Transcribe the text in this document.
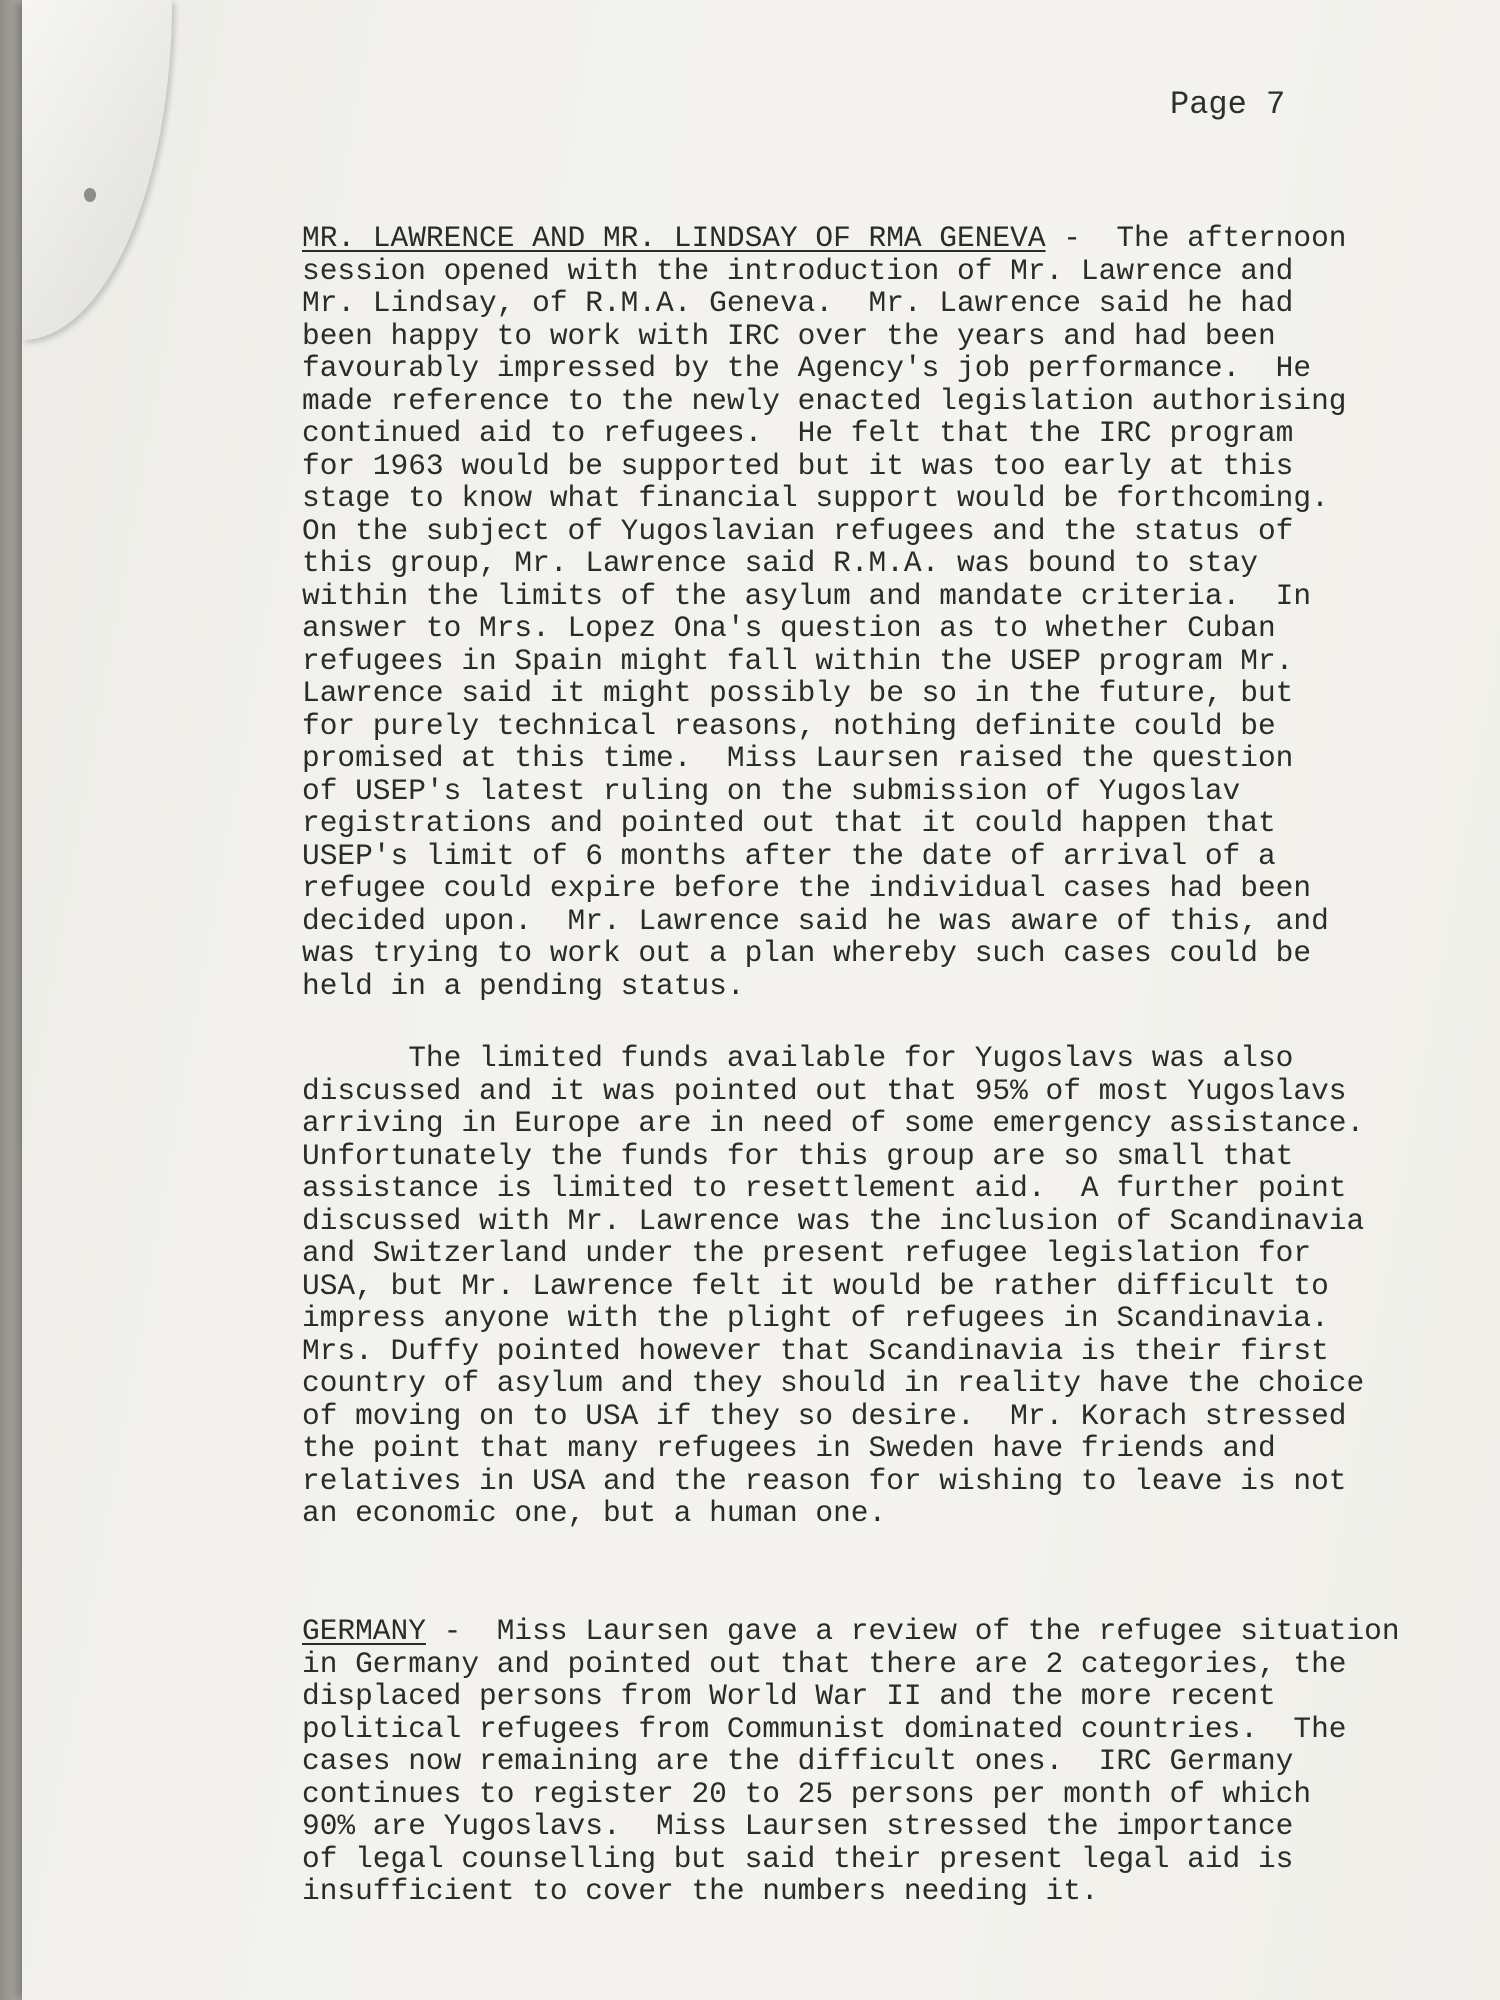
Page 7
MR. LAWRENCE AND MR. LINDSAY OF RMA GENEVA -  The afternoon
session opened with the introduction of Mr. Lawrence and
Mr. Lindsay, of R.M.A. Geneva.  Mr. Lawrence said he had
been happy to work with IRC over the years and had been
favourably impressed by the Agency's job performance.  He
made reference to the newly enacted legislation authorising
continued aid to refugees.  He felt that the IRC program
for 1963 would be supported but it was too early at this
stage to know what financial support would be forthcoming.
On the subject of Yugoslavian refugees and the status of
this group, Mr. Lawrence said R.M.A. was bound to stay
within the limits of the asylum and mandate criteria.  In
answer to Mrs. Lopez Ona's question as to whether Cuban
refugees in Spain might fall within the USEP program Mr.
Lawrence said it might possibly be so in the future, but
for purely technical reasons, nothing definite could be
promised at this time.  Miss Laursen raised the question
of USEP's latest ruling on the submission of Yugoslav
registrations and pointed out that it could happen that
USEP's limit of 6 months after the date of arrival of a
refugee could expire before the individual cases had been
decided upon.  Mr. Lawrence said he was aware of this, and
was trying to work out a plan whereby such cases could be
held in a pending status.
The limited funds available for Yugoslavs was also
discussed and it was pointed out that 95% of most Yugoslavs
arriving in Europe are in need of some emergency assistance.
Unfortunately the funds for this group are so small that
assistance is limited to resettlement aid.  A further point
discussed with Mr. Lawrence was the inclusion of Scandinavia
and Switzerland under the present refugee legislation for
USA, but Mr. Lawrence felt it would be rather difficult to
impress anyone with the plight of refugees in Scandinavia.
Mrs. Duffy pointed however that Scandinavia is their first
country of asylum and they should in reality have the choice
of moving on to USA if they so desire.  Mr. Korach stressed
the point that many refugees in Sweden have friends and
relatives in USA and the reason for wishing to leave is not
an economic one, but a human one.
GERMANY -  Miss Laursen gave a review of the refugee situation
in Germany and pointed out that there are 2 categories, the
displaced persons from World War II and the more recent
political refugees from Communist dominated countries.  The
cases now remaining are the difficult ones.  IRC Germany
continues to register 20 to 25 persons per month of which
90% are Yugoslavs.  Miss Laursen stressed the importance
of legal counselling but said their present legal aid is
insufficient to cover the numbers needing it.
